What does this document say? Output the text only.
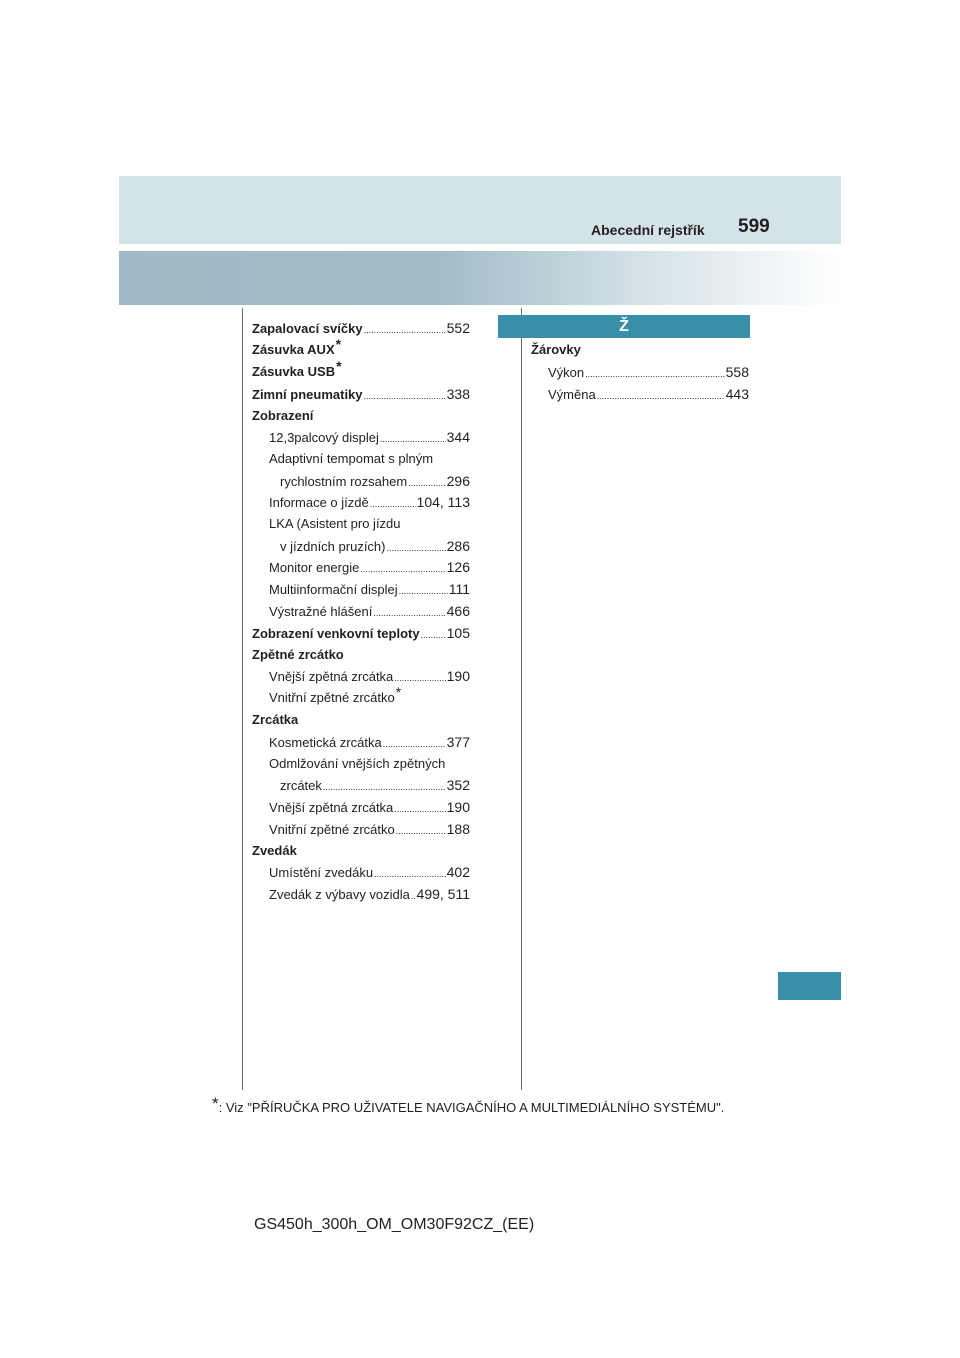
Abecední rejstřík 599
Zapalovací svíčky .....	552
Zásuvka AUX*
Zásuvka USB*
Zimní pneumatiky .....	338
Zobrazení
12,3palcový displej .....	344
Adaptivní tempomat s plným
rychlostním rozsahem .....	296
Informace o jízdě .....	104, 113
LKA (Asistent pro jízdu
v jízdních pruzích) .....	286
Monitor energie .....	126
Multiinformační displej .....	111
Výstražné hlášení .....	466
Zobrazení venkovní teploty ..... 105
Zpětné zrcátko
Vnější zpětná zrcátka .....	190
Vnitřní zpětné zrcátko*
Zrcátka
Kosmetická zrcátka .....	377
Odmlžování vnějších zpětných
zrcátek .....	352
Vnější zpětná zrcátka .....	190
Vnitřní zpětné zrcátko .....	188
Zvedák
Umístění zvedáku .....	402
Zvedák z výbavy vozidla ..... 499, 511
Ž
Žárovky
Výkon .....	558
Výměna .....	443
*: Viz "PŘÍRUČKA PRO UŽIVATELE NAVIGAČNÍHO A MULTIMEDIÁLNÍHO SYSTÉMU".
GS450h_300h_OM_OM30F92CZ_(EE)
